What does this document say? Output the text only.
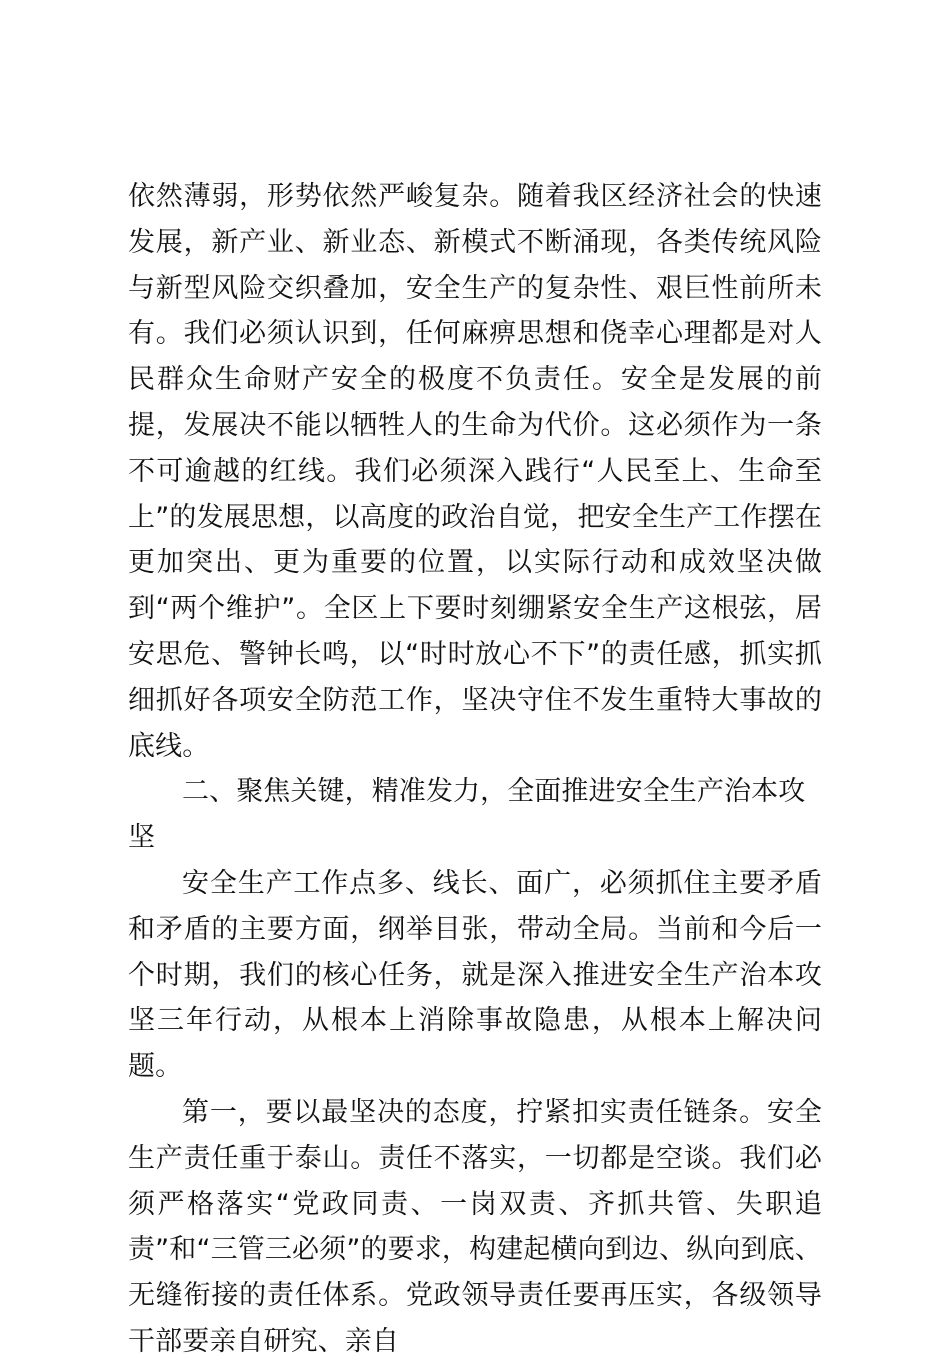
依然薄弱，形势依然严峻复杂。随着我区经济社会的快速发展，新产业、新业态、新模式不断涌现，各类传统风险与新型风险交织叠加，安全生产的复杂性、艰巨性前所未有。我们必须认识到，任何麻痹思想和侥幸心理都是对人民群众生命财产安全的极度不负责任。安全是发展的前提，发展决不能以牺牲人的生命为代价。这必须作为一条不可逾越的红线。我们必须深入践行“人民至上、生命至上”的发展思想，以高度的政治自觉，把安全生产工作摆在更加突出、更为重要的位置，以实际行动和成效坚决做到“两个维护”。全区上下要时刻绷紧安全生产这根弦，居安思危、警钟长鸣，以“时时放心不下”的责任感，抓实抓细抓好各项安全防范工作，坚决守住不发生重特大事故的底线。

二、聚焦关键，精准发力，全面推进安全生产治本攻坚

安全生产工作点多、线长、面广，必须抓住主要矛盾和矛盾的主要方面，纲举目张，带动全局。当前和今后一个时期，我们的核心任务，就是深入推进安全生产治本攻坚三年行动，从根本上消除事故隐患，从根本上解决问题。

第一，要以最坚决的态度，拧紧扣实责任链条。安全生产责任重于泰山。责任不落实，一切都是空谈。我们必须严格落实“党政同责、一岗双责、齐抓共管、失职追责”和“三管三必须”的要求，构建起横向到边、纵向到底、无缝衔接的责任体系。党政领导责任要再压实，各级领导干部要亲自研究、亲自
